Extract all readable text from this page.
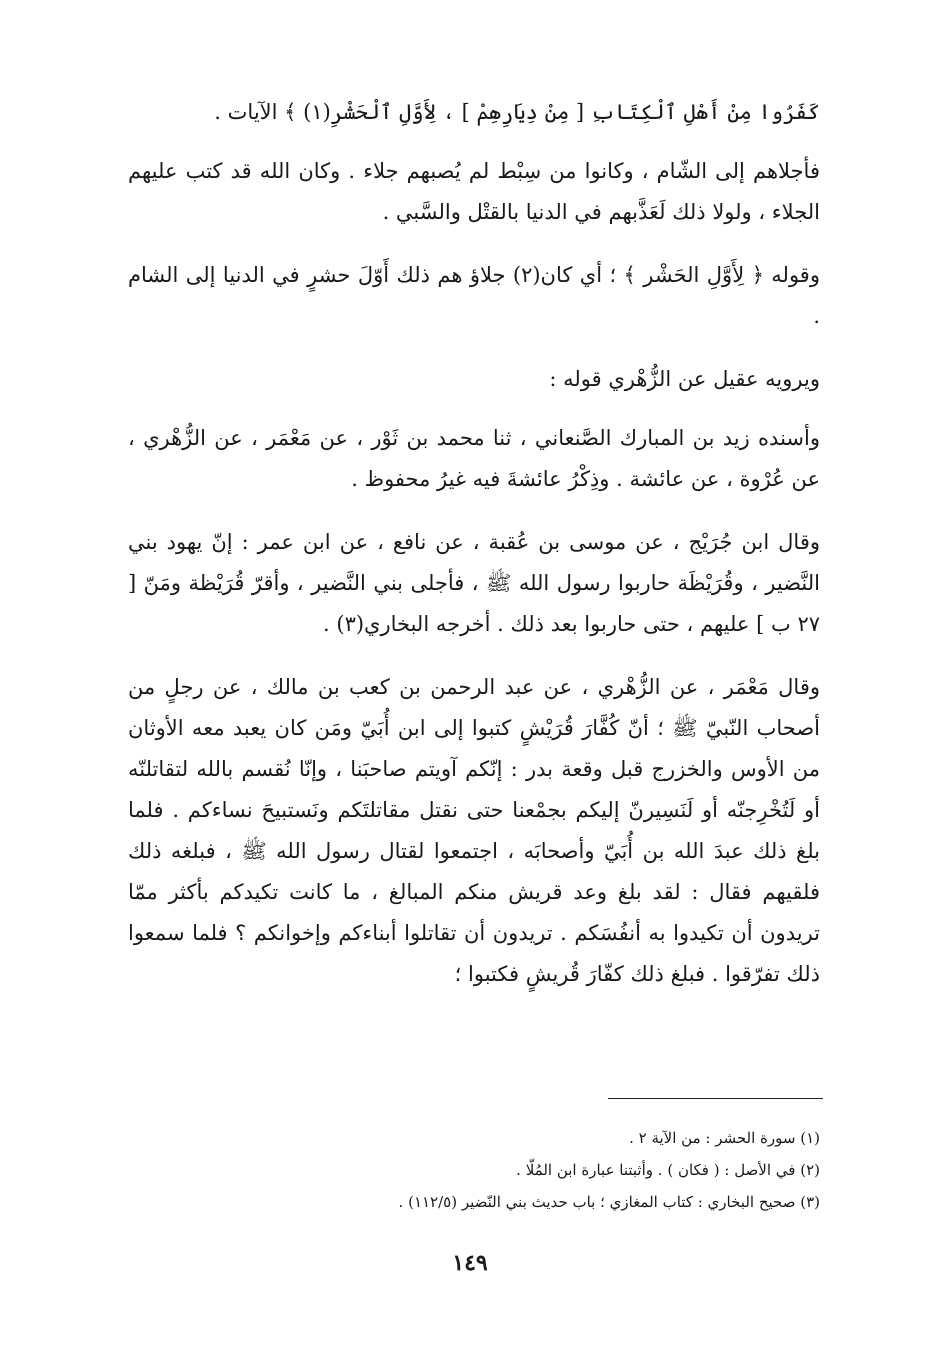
كَفَرُوا مِنْ أَهْلِ ٱلْكِتَابِ [ مِنْ دِيَارِهِمْ ] ، لِأَوَّلِ ٱلْحَشْرِ(١) ﴾ الآيات .

فأجلاهم إلى الشّام ، وكانوا من سِبْط لم يُصبهم جلاء . وكان الله قد كتب عليهم الجلاء ، ولولا ذلك لَعَذَّبهم في الدنيا بالقتْل والسَّبي .

وقوله ﴿ لِأَوَّلِ الحَشْر ﴾ ؛ أي كان(٢) جلاؤ هم ذلك أَوّلَ حشرٍ في الدنيا إلى الشام .

ويرويه عقيل عن الزُّهْري قوله :

وأسنده زيد بن المبارك الصَّنعاني ، ثنا محمد بن ثَوْر ، عن مَعْمَر ، عن الزُّهْري ، عن عُرْوة ، عن عائشة . وذِكْرُ عائشةَ فيه غيرُ محفوظ .

وقال ابن جُرَيْج ، عن موسى بن عُقبة ، عن نافع ، عن ابن عمر : إنّ يهود بني النَّضير ، وقُرَيْظَة حاربوا رسول الله ﷺ ، فأجلى بني النَّضير ، وأقرّ قُرَيْظة ومَنّ [ ٢٧ ب ] عليهم ، حتى حاربوا بعد ذلك . أخرجه البخاري(٣) .

وقال مَعْمَر ، عن الزُّهْري ، عن عبد الرحمن بن كعب بن مالك ، عن رجلٍ من أصحاب النّبيّ ﷺ ؛ أنّ كُفَّارَ قُرَيْشٍ كتبوا إلى ابن أُبَيّ ومَن كان يعبد معه الأوثان من الأوس والخزرج قبل وقعة بدر : إنّكم آويتم صاحبَنا ، وإنّا نُقسم بالله لتقاتلنّه أو لَتُخْرِجنّه أو لَنَسِيرنّ إليكم بجمْعنا حتى نقتل مقاتلتَكم ونَستبيحَ نساءكم . فلما بلغ ذلك عبدَ الله بن أُبَيّ وأصحابَه ، اجتمعوا لقتال رسول الله ﷺ ، فبلغه ذلك فلقيهم فقال : لقد بلغ وعد قريش منكم المبالغ ، ما كانت تكيدكم بأكثر ممّا تريدون أن تكيدوا به أنفُسَكم . تريدون أن تقاتلوا أبناءكم وإخوانكم ؟ فلما سمعوا ذلك تفرّقوا . فبلغ ذلك كفّارَ قُريشٍ فكتبوا ؛

(١) سورة الحشر : من الآية ٢ .
(٢) في الأصل : ( فكان ) . وأثبتنا عبارة ابن المُلّا .
(٣) صحيح البخاري : كتاب المغازي ؛ باب حديث بني النّضير (١١٢/٥) .
١٤٩
